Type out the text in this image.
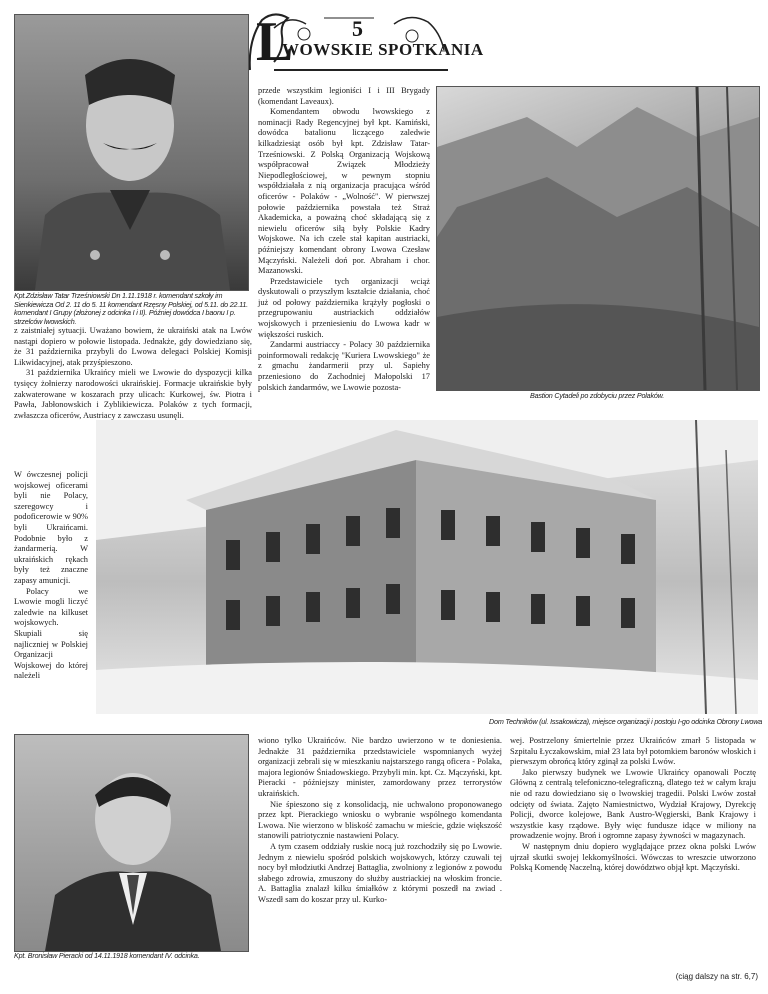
L	5
WOWSKIE SPOTKANIA
Kpt.Zdzisław Tatar Trześniowski Dn 1.11.1918 r. komendant szkoły im Sienkiewicza Od 2. 11 do 5. 11 komendant Rzęsny Polskiej, od 5.11. do 22.11. komendant I Grupy (złożonej z odcinka I i II). Później dowódca I baonu I p. strzelców lwowskich.

przede wszystkim legioniści I i III Brygady (komendant Laveaux).

Komendantem obwodu lwowskiego z nominacji Rady Regencyjnej był kpt. Kamiński, dowódca batalionu liczącego zaledwie kilkadziesiąt osób był kpt. Zdzisław Tatar-Trześniowski. Z Polską Organizacją Wojskową współpracował Związek Młodzieży Niepodległościowej, w pewnym stopniu współdziałała z nią organizacja pracująca wśród oficerów - Polaków - „Wolność". W pierwszej połowie października powstała też Straż Akademicka, a poważną choć składającą się z niewielu oficerów siłą były Polskie Kadry Wojskowe. Na ich czele stał kapitan austriacki, późniejszy komendant obrony Lwowa Czesław Mączyński. Należeli doń por. Abraham i chor. Mazanowski.

Przedstawiciele tych organizacji wciąż dyskutowali o przyszłym kształcie działania, choć już od połowy października krążyły pogłoski o przegrupowaniu austriackich oddziałów wojskowych i przeniesieniu do Lwowa kadr w większości ruskich.

Zandarmi austriaccy - Polacy 30 października poinformowali redakcję "Kuriera Lwowskiego" że z gmachu żandarmerii przy ul. Sapiehy przeniesiono do Zachodniej Małopolski 17 polskich żandarmów, we Lwowie pozosta-

Bastion Cytadeli po zdobyciu przez Polaków.

z zaistniałej sytuacji. Uważano bowiem, że ukraiński atak na Lwów nastąpi dopiero w połowie listopada. Jednakże, gdy dowiedziano się, że 31 października przybyli do Lwowa delegaci Polskiej Komisji Likwidacyjnej, atak przyśpieszono.

31 października Ukraińcy mieli we Lwowie do dyspozycji kilka tysięcy żołnierzy narodowości ukraińskiej. Formacje ukraińskie były zakwaterowane w koszarach przy ulicach: Kurkowej, św. Piotra i Pawła, Jabłonowskich i Zyblikiewicza. Polaków z tych formacji, zwłaszcza oficerów, Austriacy z zawczasu usunęli.

W ówczesnej policji wojskowej oficerami byli nie Polacy, szeregowcy i podoficerowie w 90% byli Ukraińcami. Podobnie było z żandarmerią. W ukraińskich rękach były też znaczne zapasy amunicji.

Polacy we Lwowie mogli liczyć zaledwie na kilkuset wojskowych. Skupiali się najliczniej w Polskiej Organizacji Wojskowej do której należeli

Dom Techników (ul. Issakowicza), miejsce organizacji i postoju I-go odcinka Obrony Lwowa
Kpt. Bronisław Pieracki od 14.11.1918 komendant IV. odcinka.

wiono tylko Ukraińców. Nie bardzo uwierzono w te doniesienia. Jednakże 31 października przedstawiciele wspomnianych wyżej organizacji zebrali się w mieszkaniu najstarszego rangą oficera - Polaka, majora legionów Śniadowskiego. Przybyli min. kpt. Cz. Mączyński, kpt. Pieracki - późniejszy minister, zamordowany przez terrorystów ukraińskich.

Nie śpieszono się z konsolidacją, nie uchwalono proponowanego przez kpt. Pierackiego wniosku o wybranie wspólnego komendanta Lwowa. Nie wierzono w bliskość zamachu w mieście, gdzie większość stanowili patriotycznie nastawieni Polacy.

A tym czasem oddziały ruskie nocą już rozchodziły się po Lwowie. Jednym z niewielu spośród polskich wojskowych, którzy czuwali tej nocy był młodziutki Andrzej Battaglia, zwolniony z legionów z powodu słabego zdrowia, zmuszony do służby austriackiej na włoskim froncie. A. Battaglia znalazł kilku śmiałków z którymi poszedł na zwiad . Wszedł sam do koszar przy ul. Kurko-

wej. Postrzelony śmiertelnie przez Ukraińców zmarł 5 listopada w Szpitalu Łyczakowskim, miał 23 lata był potomkiem baronów włoskich i pierwszym obrońcą który zginął za polski Lwów.

Jako pierwszy budynek we Lwowie Ukraińcy opanowali Pocztę Główną z centralą telefoniczno-telegraficzną, dlatego też w całym kraju nie od razu dowiedziano się o lwowskiej tragedii. Polski Lwów został odcięty od świata. Zajęto Namiestnictwo, Wydział Krajowy, Dyrekcję Policji, dworce kolejowe, Bank Austro-Węgierski, Bank Krajowy i wszystkie kasy rządowe. Były więc fundusze idące w miliony na prowadzenie wojny. Broń i ogromne zapasy żywności w magazynach.

W następnym dniu dopiero wyglądające przez okna polski Lwów ujrzał skutki swojej lekkomyślności. Wówczas to wreszcie utworzono Polską Komendę Naczelną, której dowództwo objął kpt. Mączyński.

(ciąg dalszy na str. 6,7)
